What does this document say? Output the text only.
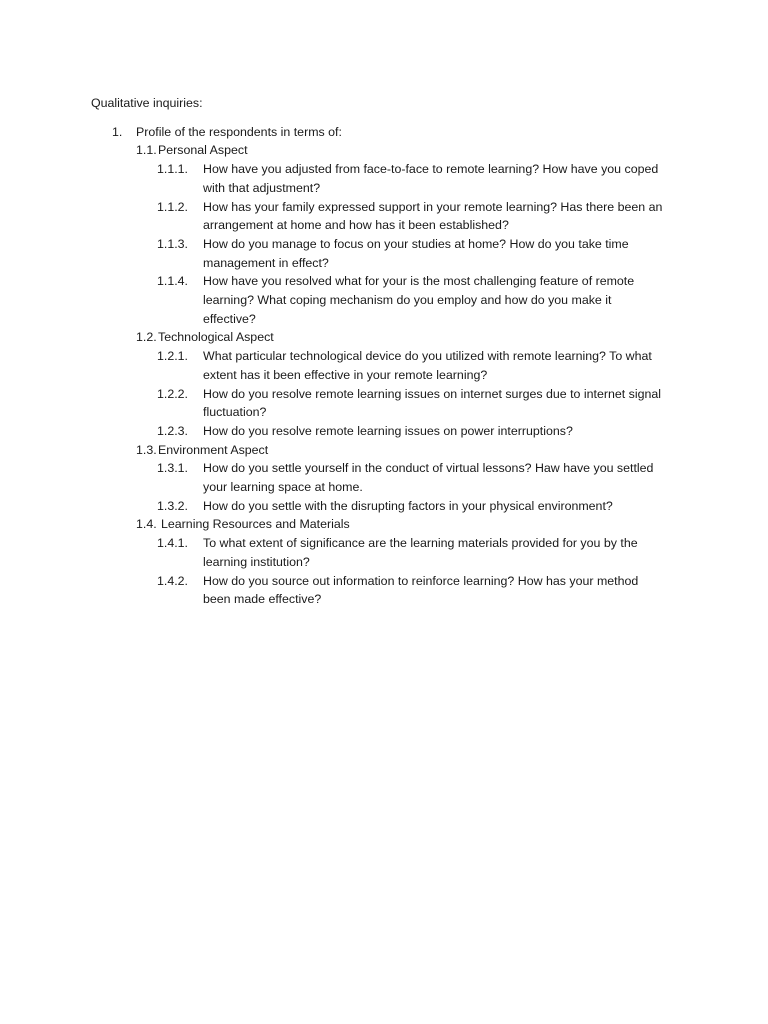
Qualitative inquiries:
1. Profile of the respondents in terms of:
1.1. Personal Aspect
1.1.1. How have you adjusted from face-to-face to remote learning? How have you coped
with that adjustment?
1.1.2. How has your family expressed support in your remote learning? Has there been an
arrangement at home and how has it been established?
1.1.3. How do you manage to focus on your studies at home? How do you take time
management in effect?
1.1.4. How have you resolved what for your is the most challenging feature of remote
learning? What coping mechanism do you employ and how do you make it
effective?
1.2. Technological Aspect
1.2.1. What particular technological device do you utilized with remote learning? To what
extent has it been effective in your remote learning?
1.2.2. How do you resolve remote learning issues on internet surges due to internet signal
fluctuation?
1.2.3. How do you resolve remote learning issues on power interruptions?
1.3. Environment Aspect
1.3.1. How do you settle yourself in the conduct of virtual lessons? Haw have you settled
your learning space at home.
1.3.2. How do you settle with the disrupting factors in your physical environment?
1.4. Learning Resources and Materials
1.4.1. To what extent of significance are the learning materials provided for you by the
learning institution?
1.4.2. How do you source out information to reinforce learning? How has your method
been made effective?
